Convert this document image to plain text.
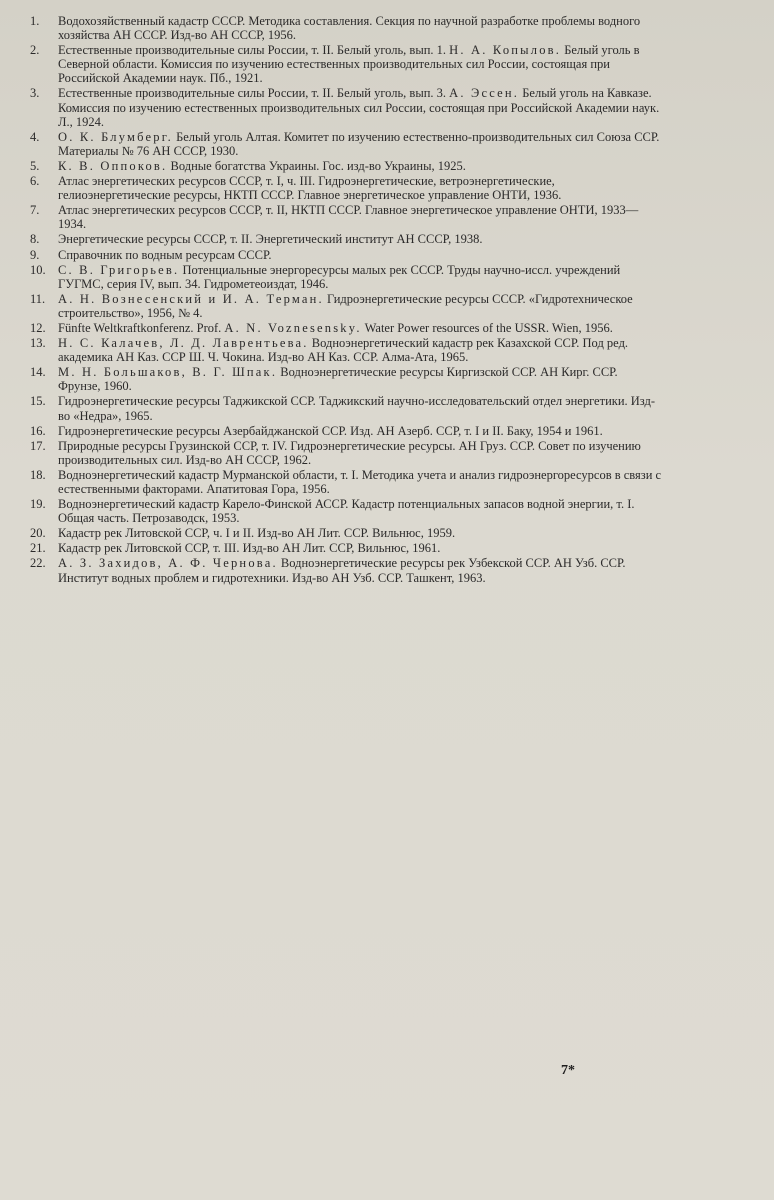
1.	Водохозяйственный кадастр СССР. Методика составления. Секция по научной разработке проблемы водного хозяйства АН СССР. Изд-во АН СССР, 1956.
2.	Естественные производительные силы России, т. II. Белый уголь, вып. 1. Н. А. Копылов. Белый уголь в Северной области. Комиссия по изучению естественных производительных сил России, состоящая при Российской Академии наук. Пб., 1921.
3.	Естественные производительные силы России, т. II. Белый уголь, вып. 3. А. Эссен. Белый уголь на Кавказе. Комиссия по изучению естественных производительных сил России, состоящая при Российской Академии наук. Л., 1924.
4.	О. К. Блумберг. Белый уголь Алтая. Комитет по изучению естественно-производительных сил Союза ССР. Материалы № 76 АН СССР, 1930.
5.	К. В. Оппоков. Водные богатства Украины. Гос. изд-во Украины, 1925.
6.	Атлас энергетических ресурсов СССР, т. I, ч. III. Гидроэнергетические, ветроэнергетические, гелиоэнергетические ресурсы, НКТП СССР. Главное энергетическое управление ОНТИ, 1936.
7.	Атлас энергетических ресурсов СССР, т. II, НКТП СССР. Главное энергетическое управление ОНТИ, 1933—1934.
8.	Энергетические ресурсы СССР, т. II. Энергетический институт АН СССР, 1938.
9.	Справочник по водным ресурсам СССР.
10. С. В. Григорьев. Потенциальные энергоресурсы малых рек СССР. Труды научно-иссл. учреждений ГУГМС, серия IV, вып. 34. Гидрометеоиздат, 1946.
11.	А. Н. Вознесенский и И. А. Терман. Гидроэнергетические ресурсы СССР. «Гидротехническое строительство», 1956, № 4.
12. Fünfte Weltkraftkonferenz. Prof. A. N. Voznesensky. Water Power resources of the USSR. Wien, 1956.
13. Н. С. Калачев, Л. Д. Лаврентьева. Водноэнергетический кадастр рек Казахской ССР. Под ред. академика АН Каз. ССР Ш. Ч. Чокина. Изд-во АН Каз. ССР. Алма-Ата, 1965.
14. М. Н. Большаков, В. Г. Шпак. Водноэнергетические ресурсы Киргизской ССР. АН Кирг. ССР. Фрунзе, 1960.
15. Гидроэнергетические ресурсы Таджикской ССР. Таджикский научно-исследовательский отдел энергетики. Изд-во «Недра», 1965.
16. Гидроэнергетические ресурсы Азербайджанской ССР. Изд. АН Азерб. ССР, т. I и II. Баку, 1954 и 1961.
17. Природные ресурсы Грузинской ССР, т. IV. Гидроэнергетические ресурсы. АН Груз. ССР. Совет по изучению производительных сил. Изд-во АН СССР, 1962.
18. Водноэнергетический кадастр Мурманской области, т. I. Методика учета и анализ гидроэнергоресурсов в связи с естественными факторами. Апатитовая Гора, 1956.
19. Водноэнергетический кадастр Карело-Финской АССР. Кадастр потенциальных запасов водной энергии, т. I. Общая часть. Петрозаводск, 1953.
20. Кадастр рек Литовской ССР, ч. I и II. Изд-во АН Лит. ССР. Вильнюс, 1959.
21. Кадастр рек Литовской ССР, т. III. Изд-во АН Лит. ССР, Вильнюс, 1961.
22. А. З. Захидов, А. Ф. Чернова. Водноэнергетические ресурсы рек Узбекской ССР. АН Узб. ССР. Институт водных проблем и гидротехники. Изд-во АН Узб. ССР. Ташкент, 1963.
7*
